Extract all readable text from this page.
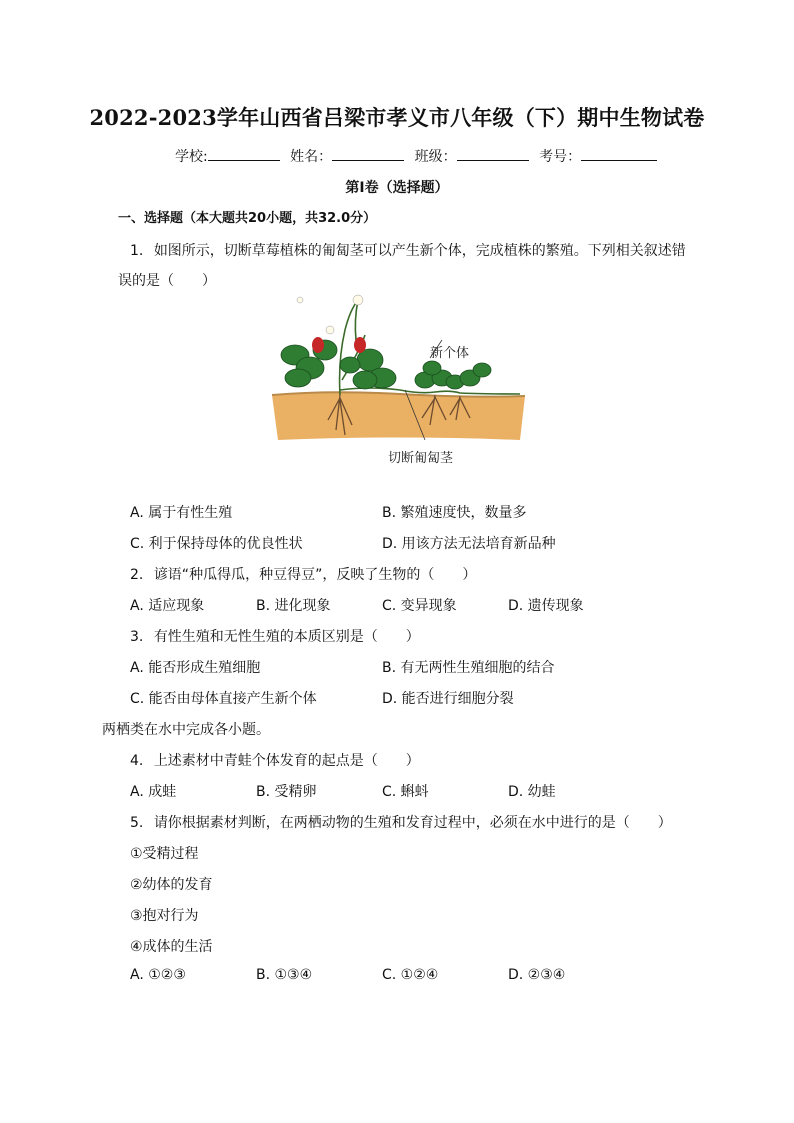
2022-2023学年山西省吕梁市孝义市八年级（下）期中生物试卷
学校:	姓名：	班级：	考号：
第I卷（选择题）
一、选择题（本大题共20小题，共32.0分）
1. 如图所示，切断草莓植株的匍匐茎可以产生新个体，完成植株的繁殖。下列相关叙述错
误的是（　　）
新个体
切断匍匐茎
A. 属于有性生殖	B. 繁殖速度快，数量多
C. 利于保持母体的优良性状	D. 用该方法无法培育新品种
2. 谚语“种瓜得瓜，种豆得豆”，反映了生物的（　　）
A. 适应现象	B. 进化现象	C. 变异现象	D. 遗传现象
3. 有性生殖和无性生殖的本质区别是（　　）
A. 能否形成生殖细胞	B. 有无两性生殖细胞的结合
C. 能否由母体直接产生新个体	D. 能否进行细胞分裂
两栖类在水中完成各小题。
4. 上述素材中青蛙个体发育的起点是（　　）
A. 成蛙	B. 受精卵	C. 蝌蚪	D. 幼蛙
5. 请你根据素材判断，在两栖动物的生殖和发育过程中，必须在水中进行的是（　　）
①受精过程
②幼体的发育
③抱对行为
④成体的生活
A. ①②③	B. ①③④	C. ①②④	D. ②③④
